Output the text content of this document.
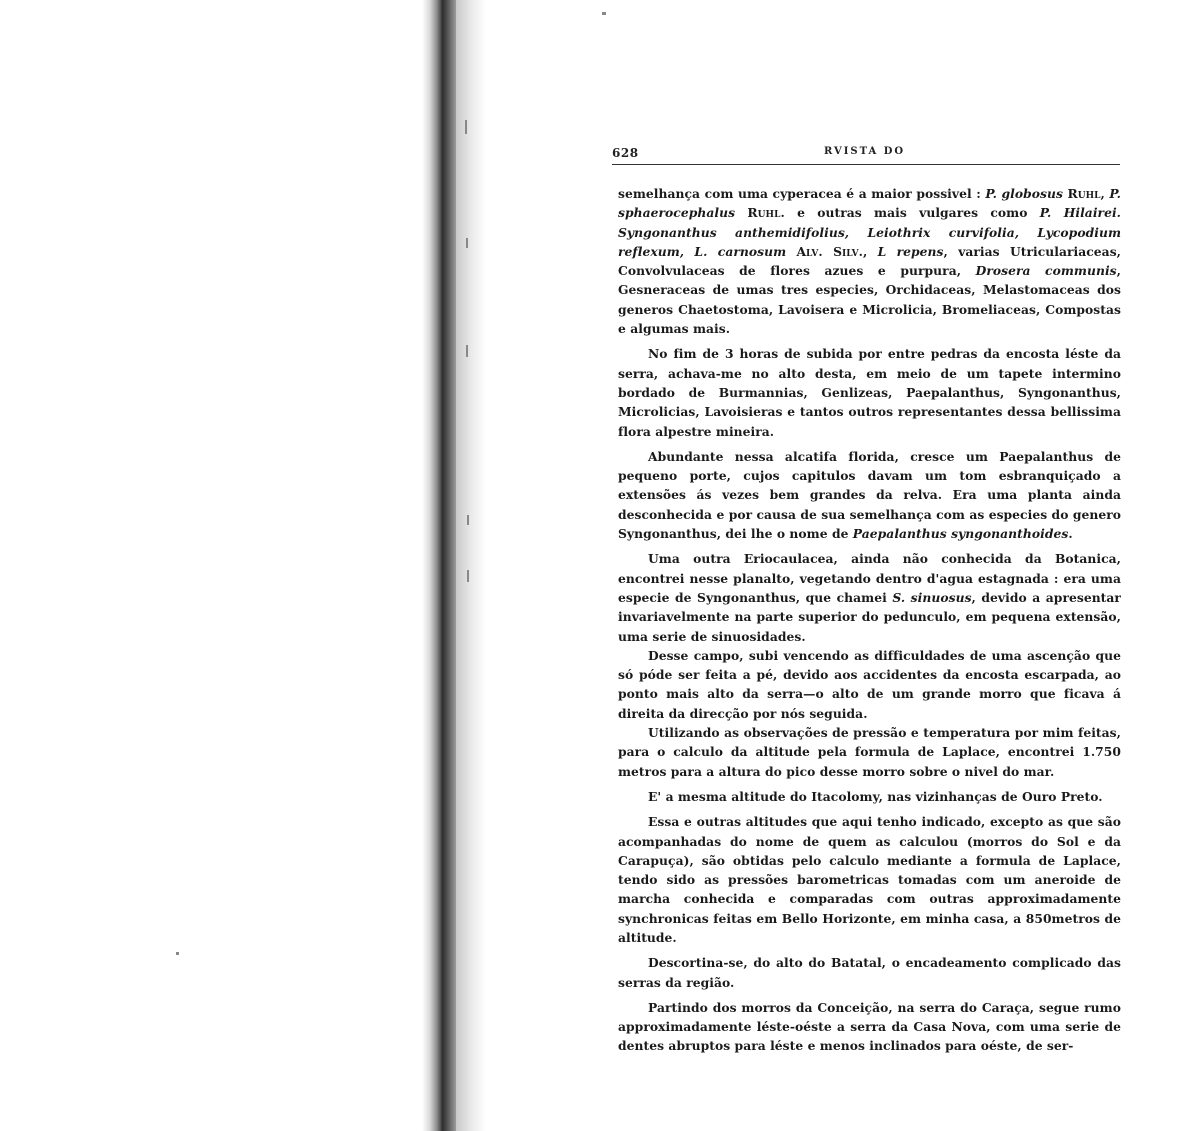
628	RVISTA DO

semelhança com uma cyperacea é a maior possivel : P. globosus Ruhl, P. sphaerocephalus Ruhl. e outras mais vulgares como P. Hilairei. Syngonanthus anthemidifolius, Leiothrix curvifolia, Lycopodium reflexum, L. carnosum Alv. Silv., L repens, varias Utriculariaceas, Convolvulaceas de flores azues e purpura, Drosera communis, Gesneraceas de umas tres especies, Orchidaceas, Melastomaceas dos generos Chaetostoma, Lavoisera e Microlicia, Bromeliaceas, Compostas e algumas mais.

No fim de 3 horas de subida por entre pedras da encosta léste da serra, achava-me no alto desta, em meio de um tapete intermino bordado de Burmannias, Genlizeas, Paepalanthus, Syngonanthus, Microlicias, Lavoisieras e tantos outros representantes dessa bellissima flora alpestre mineira.

Abundante nessa alcatifa florida, cresce um Paepalanthus de pequeno porte, cujos capitulos davam um tom esbranquiçado a extensões ás vezes bem grandes da relva. Era uma planta ainda desconhecida e por causa de sua semelhança com as especies do genero Syngonanthus, dei lhe o nome de Paepalanthus syngonanthoides.

Uma outra Eriocaulacea, ainda não conhecida da Botanica, encontrei nesse planalto, vegetando dentro d'agua estagnada : era uma especie de Syngonanthus, que chamei S. sinuosus, devido a apresentar invariavelmente na parte superior do pedunculo, em pequena extensão, uma serie de sinuosidades.

Desse campo, subi vencendo as difficuldades de uma ascenção que só póde ser feita a pé, devido aos accidentes da encosta escarpada, ao ponto mais alto da serra—o alto de um grande morro que ficava á direita da direcção por nós seguida.

Utilizando as observações de pressão e temperatura por mim feitas, para o calculo da altitude pela formula de Laplace, encontrei 1.750 metros para a altura do pico desse morro sobre o nivel do mar.

E' a mesma altitude do Itacolomy, nas vizinhanças de Ouro Preto.

Essa e outras altitudes que aqui tenho indicado, excepto as que são acompanhadas do nome de quem as calculou (morros do Sol e da Carapuça), são obtidas pelo calculo mediante a formula de Laplace, tendo sido as pressões barometricas tomadas com um aneroide de marcha conhecida e comparadas com outras approximadamente synchronicas feitas em Bello Horizonte, em minha casa, a 850metros de altitude.

Descortina-se, do alto do Batatal, o encadeamento complicado das serras da região.

Partindo dos morros da Conceição, na serra do Caraça, segue rumo approximadamente léste-oéste a serra da Casa Nova, com uma serie de dentes abruptos para léste e menos inclinados para oéste, de ser-
